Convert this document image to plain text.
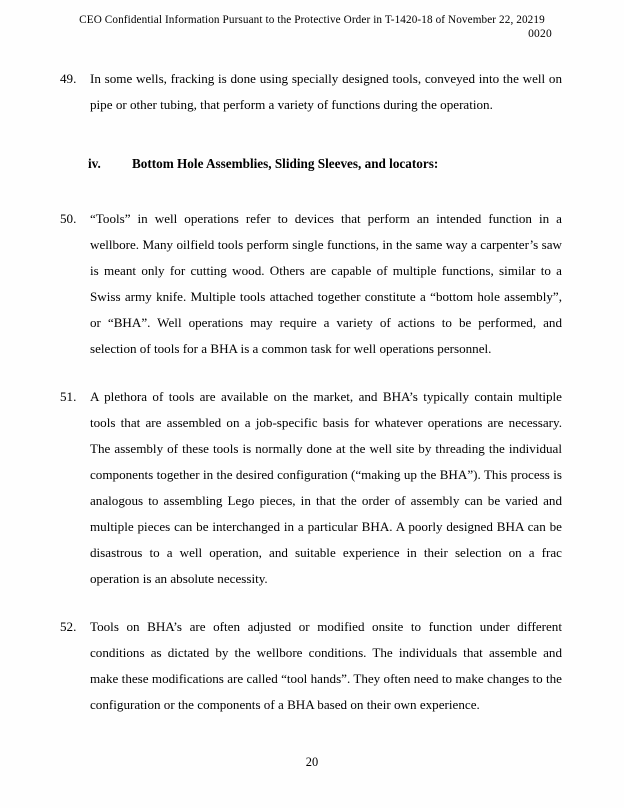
CEO Confidential Information Pursuant to the Protective Order in T-1420-18 of November 22, 20219
0020
49.	In some wells, fracking is done using specially designed tools, conveyed into the well on pipe or other tubing, that perform a variety of functions during the operation.
iv. Bottom Hole Assemblies, Sliding Sleeves, and locators:
50.	“Tools” in well operations refer to devices that perform an intended function in a wellbore. Many oilfield tools perform single functions, in the same way a carpenter’s saw is meant only for cutting wood. Others are capable of multiple functions, similar to a Swiss army knife. Multiple tools attached together constitute a “bottom hole assembly”, or “BHA”. Well operations may require a variety of actions to be performed, and selection of tools for a BHA is a common task for well operations personnel.
51.	A plethora of tools are available on the market, and BHA’s typically contain multiple tools that are assembled on a job-specific basis for whatever operations are necessary. The assembly of these tools is normally done at the well site by threading the individual components together in the desired configuration (“making up the BHA”). This process is analogous to assembling Lego pieces, in that the order of assembly can be varied and multiple pieces can be interchanged in a particular BHA. A poorly designed BHA can be disastrous to a well operation, and suitable experience in their selection on a frac operation is an absolute necessity.
52.	Tools on BHA’s are often adjusted or modified onsite to function under different conditions as dictated by the wellbore conditions. The individuals that assemble and make these modifications are called “tool hands”. They often need to make changes to the configuration or the components of a BHA based on their own experience.
20
